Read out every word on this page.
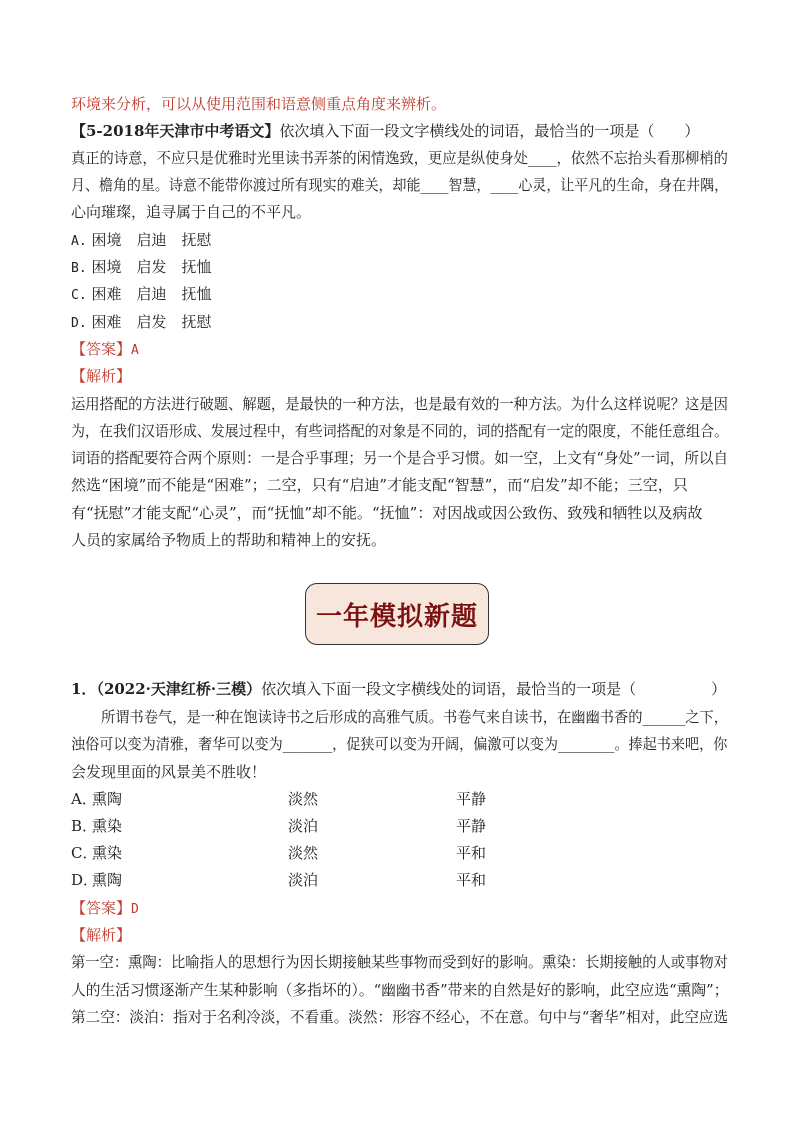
环境来分析，可以从使用范围和语意侧重点角度来辨析。
【5-2018年天津市中考语文】依次填入下面一段文字横线处的词语，最恰当的一项是（　　）
真正的诗意，不应只是优雅时光里读书弄茶的闲情逸致，更应是纵使身处____，依然不忘抬头看那柳梢的
月、檐角的星。诗意不能带你渡过所有现实的难关，却能____智慧，____心灵，让平凡的生命，身在井隅，
心向璀璨，追寻属于自己的不平凡。
A. 困境　启迪　抚慰
B. 困境　启发　抚恤
C. 困难　启迪　抚恤
D. 困难　启发　抚慰
【答案】A
【解析】
运用搭配的方法进行破题、解题，是最快的一种方法，也是最有效的一种方法。为什么这样说呢？这是因
为，在我们汉语形成、发展过程中，有些词搭配的对象是不同的，词的搭配有一定的限度，不能任意组合。
词语的搭配要符合两个原则：一是合乎事理；另一个是合乎习惯。如一空，上文有“身处”一词，所以自
然选“困境”而不能是“困难”；二空，只有“启迪”才能支配“智慧”，而“启发”却不能；三空，只
有“抚慰”才能支配“心灵”，而“抚恤”却不能。“抚恤”：对因战或因公致伤、致残和牺牲以及病故
人员的家属给予物质上的帮助和精神上的安抚。
一年模拟新题
1．（2022·天津红桥·三模）依次填入下面一段文字横线处的词语，最恰当的一项是（　　　　　）
所谓书卷气，是一种在饱读诗书之后形成的高雅气质。书卷气来自读书，在幽幽书香的______之下，
浊俗可以变为清雅，奢华可以变为_______，促狭可以变为开阔，偏激可以变为________。捧起书来吧，你
会发现里面的风景美不胜收！
A．
熏陶	淡然	平静
B．
熏染	淡泊	平静
C．
熏染	淡然	平和
D．
熏陶	淡泊	平和
【答案】D
【解析】
第一空：熏陶：比喻指人的思想行为因长期接触某些事物而受到好的影响。熏染：长期接触的人或事物对
人的生活习惯逐渐产生某种影响（多指坏的）。“幽幽书香”带来的自然是好的影响，此空应选“熏陶”；
第二空：淡泊：指对于名利冷淡，不看重。淡然：形容不经心，不在意。句中与“奢华”相对，此空应选
